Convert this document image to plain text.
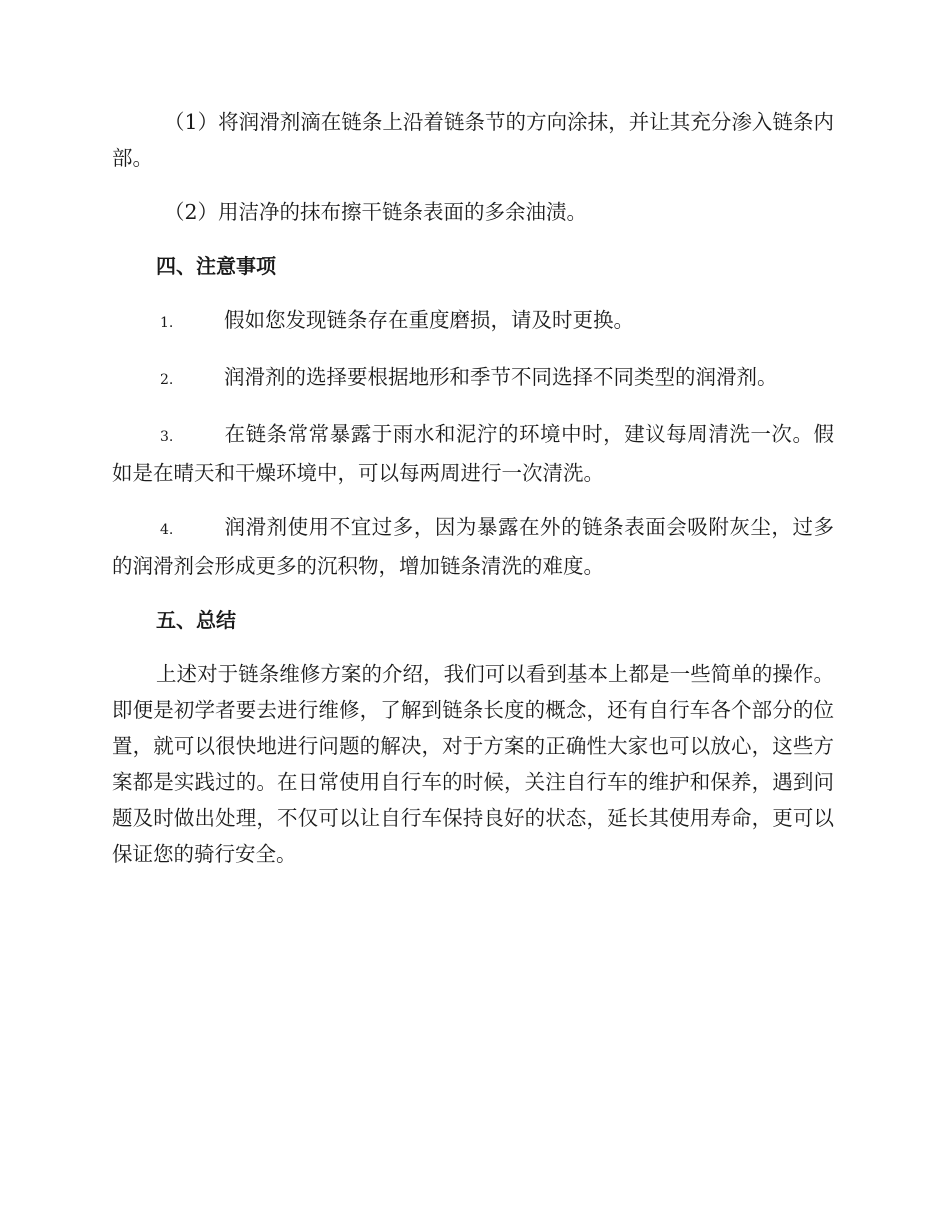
（1）将润滑剂滴在链条上沿着链条节的方向涂抹，并让其充分渗入链条内部。

（2）用洁净的抹布擦干链条表面的多余油渍。

四、注意事项

1. 假如您发现链条存在重度磨损，请及时更换。

2. 润滑剂的选择要根据地形和季节不同选择不同类型的润滑剂。

3. 在链条常常暴露于雨水和泥泞的环境中时，建议每周清洗一次。假如是在晴天和干燥环境中，可以每两周进行一次清洗。

4. 润滑剂使用不宜过多，因为暴露在外的链条表面会吸附灰尘，过多的润滑剂会形成更多的沉积物，增加链条清洗的难度。

五、总结

上述对于链条维修方案的介绍，我们可以看到基本上都是一些简单的操作。即便是初学者要去进行维修，了解到链条长度的概念，还有自行车各个部分的位置，就可以很快地进行问题的解决，对于方案的正确性大家也可以放心，这些方案都是实践过的。在日常使用自行车的时候，关注自行车的维护和保养，遇到问题及时做出处理，不仅可以让自行车保持良好的状态，延长其使用寿命，更可以保证您的骑行安全。
